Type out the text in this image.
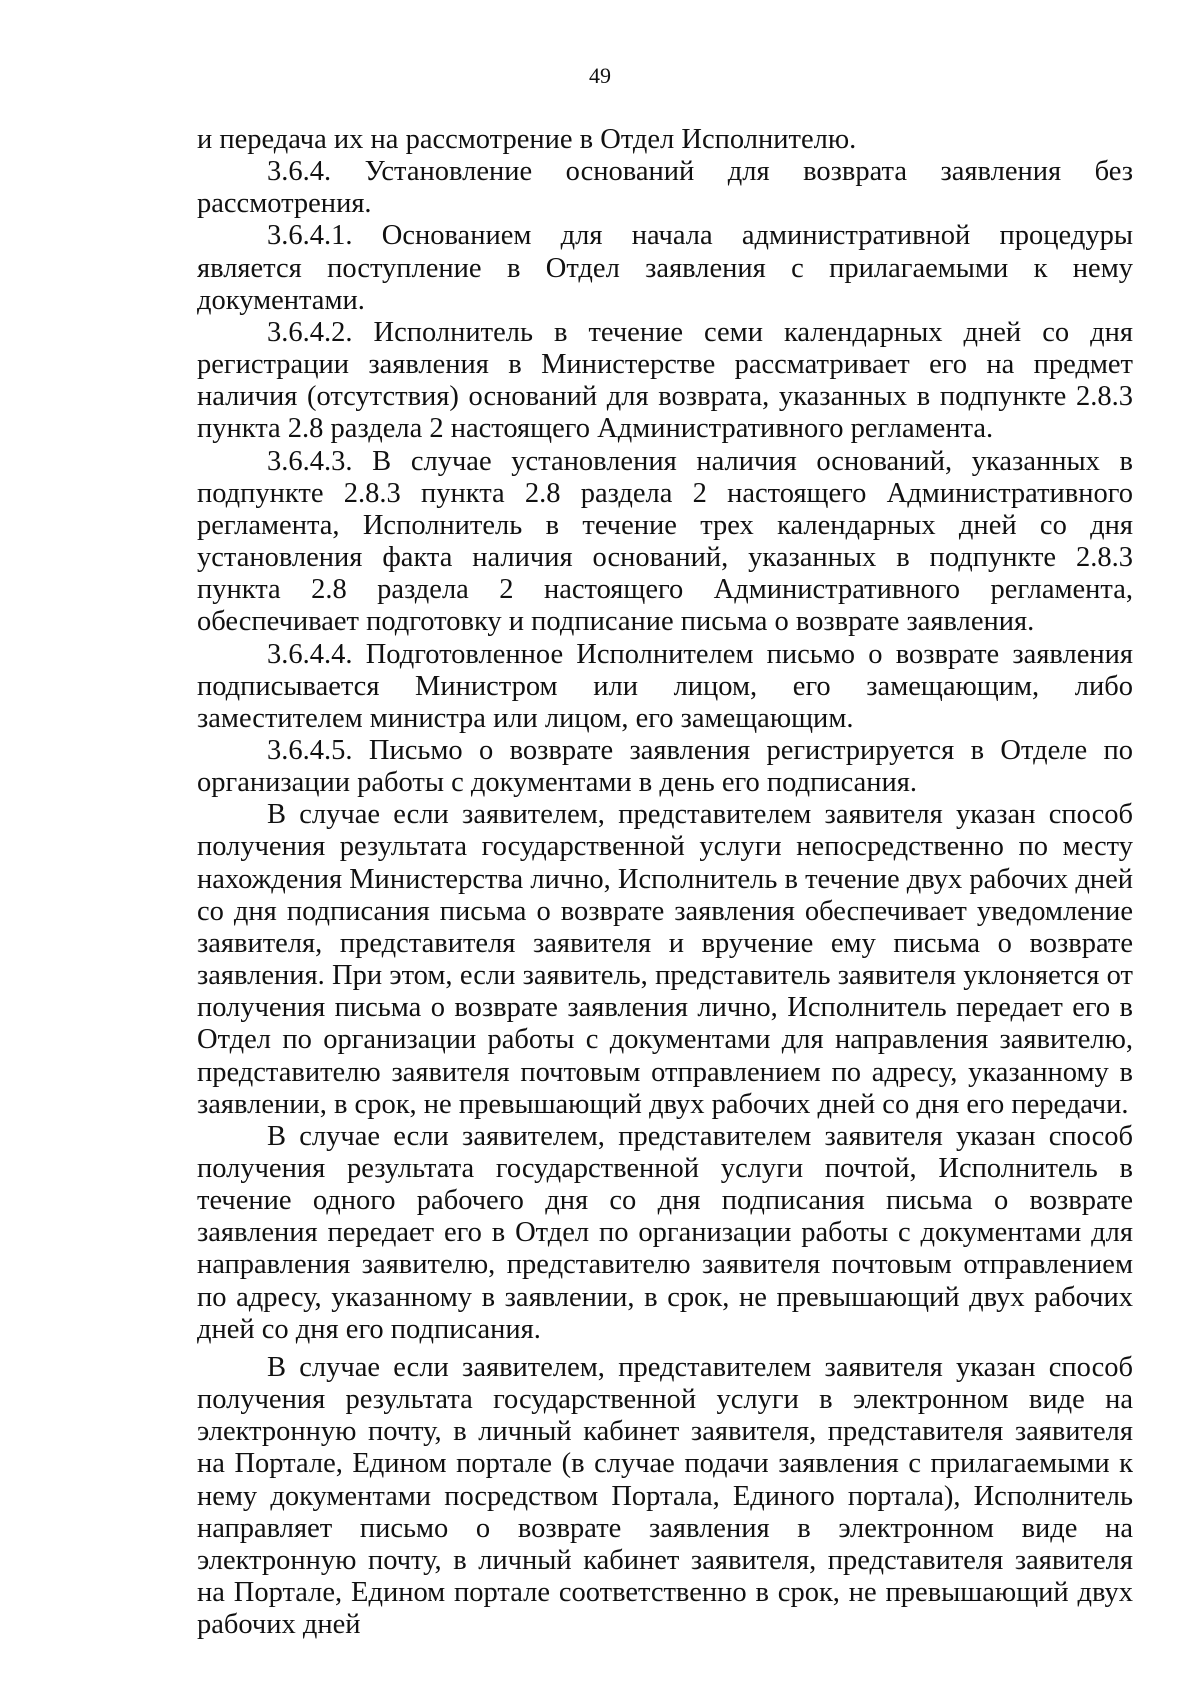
49

и передача их на рассмотрение в Отдел Исполнителю.

3.6.4. Установление оснований для возврата заявления без рассмотрения.

3.6.4.1. Основанием для начала административной процедуры является поступление в Отдел заявления с прилагаемыми к нему документами.

3.6.4.2. Исполнитель в течение семи календарных дней со дня регистрации заявления в Министерстве рассматривает его на предмет наличия (отсутствия) оснований для возврата, указанных в подпункте 2.8.3 пункта 2.8 раздела 2 настоящего Административного регламента.

3.6.4.3. В случае установления наличия оснований, указанных в подпункте 2.8.3 пункта 2.8 раздела 2 настоящего Административного регламента, Исполнитель в течение трех календарных дней со дня установления факта наличия оснований, указанных в подпункте 2.8.3 пункта 2.8 раздела 2 настоящего Административного регламента, обеспечивает подготовку и подписание письма о возврате заявления.

3.6.4.4. Подготовленное Исполнителем письмо о возврате заявления подписывается Министром или лицом, его замещающим, либо заместителем министра или лицом, его замещающим.

3.6.4.5. Письмо о возврате заявления регистрируется в Отделе по организации работы с документами в день его подписания.

В случае если заявителем, представителем заявителя указан способ получения результата государственной услуги непосредственно по месту нахождения Министерства лично, Исполнитель в течение двух рабочих дней со дня подписания письма о возврате заявления обеспечивает уведомление заявителя, представителя заявителя и вручение ему письма о возврате заявления. При этом, если заявитель, представитель заявителя уклоняется от получения письма о возврате заявления лично, Исполнитель передает его в Отдел по организации работы с документами для направления заявителю, представителю заявителя почтовым отправлением по адресу, указанному в заявлении, в срок, не превышающий двух рабочих дней со дня его передачи.

В случае если заявителем, представителем заявителя указан способ получения результата государственной услуги почтой, Исполнитель в течение одного рабочего дня со дня подписания письма о возврате заявления передает его в Отдел по организации работы с документами для направления заявителю, представителю заявителя почтовым отправлением по адресу, указанному в заявлении, в срок, не превышающий двух рабочих дней со дня его подписания.

В случае если заявителем, представителем заявителя указан способ получения результата государственной услуги в электронном виде на электронную почту, в личный кабинет заявителя, представителя заявителя на Портале, Едином портале (в случае подачи заявления с прилагаемыми к нему документами посредством Портала, Единого портала), Исполнитель направляет письмо о возврате заявления в электронном виде на электронную почту, в личный кабинет заявителя, представителя заявителя на Портале, Едином портале соответственно в срок, не превышающий двух рабочих дней
